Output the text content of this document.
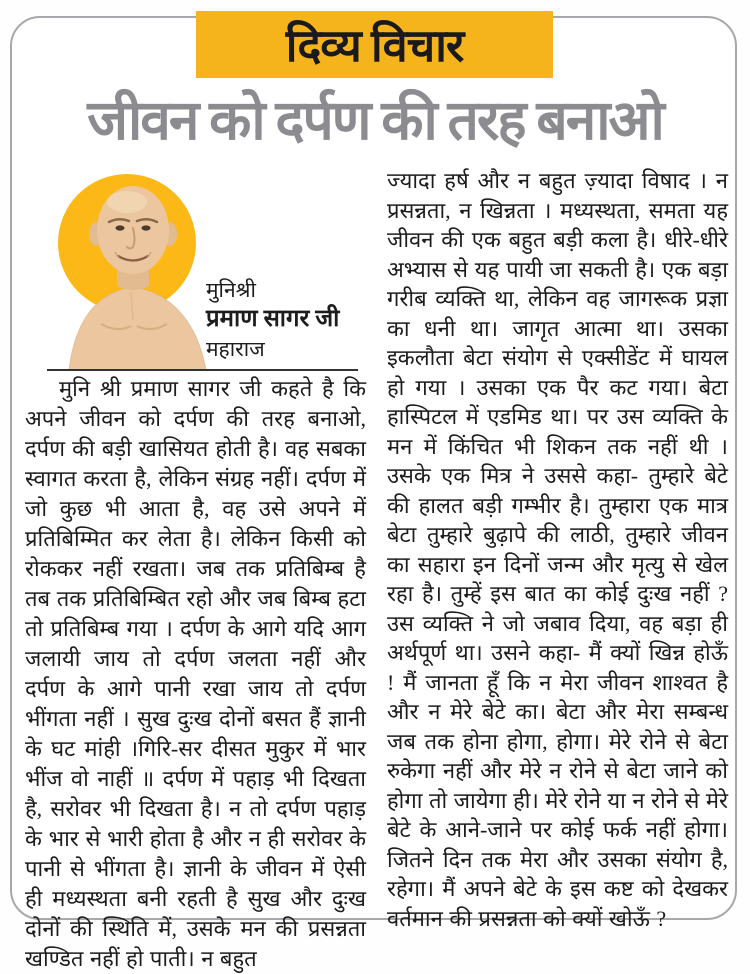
दिव्य विचार
जीवन को दर्पण की तरह बनाओ
मुनिश्री
प्रमाण सागर जी
महाराज
मुनि श्री प्रमाण सागर जी कहते है कि अपने जीवन को दर्पण की तरह बनाओ, दर्पण की बड़ी खासियत होती है। वह सबका स्वागत करता है, लेकिन संग्रह नहीं। दर्पण में जो कुछ भी आता है, वह उसे अपने में प्रतिबिम्मित कर लेता है। लेकिन किसी को रोककर नहीं रखता। जब तक प्रतिबिम्ब है तब तक प्रतिबिम्बित रहो और जब बिम्ब हटा तो प्रतिबिम्ब गया । दर्पण के आगे यदि आग जलायी जाय तो दर्पण जलता नहीं और दर्पण के आगे पानी रखा जाय तो दर्पण भींगता नहीं । सुख दुःख दोनों बसत हैं ज्ञानी के घट मांही ।गिरि-सर दीसत मुकुर में भार भींज वो नाहीं ॥ दर्पण में पहाड़ भी दिखता है, सरोवर भी दिखता है। न तो दर्पण पहाड़ के भार से भारी होता है और न ही सरोवर के पानी से भींगता है। ज्ञानी के जीवन में ऐसी ही मध्यस्थता बनी रहती है सुख और दुःख दोनों की स्थिति में, उसके मन की प्रसन्नता खण्डित नहीं हो पाती। न बहुत
ज्यादा हर्ष और न बहुत ज़्यादा विषाद । न प्रसन्नता, न खिन्नता । मध्यस्थता, समता यह जीवन की एक बहुत बड़ी कला है। धीरे-धीरे अभ्यास से यह पायी जा सकती है। एक बड़ा गरीब व्यक्ति था, लेकिन वह जागरूक प्रज्ञा का धनी था। जागृत आत्मा था। उसका इकलौता बेटा संयोग से एक्सीडेंट में घायल हो गया । उसका एक पैर कट गया। बेटा हास्पिटल में एडमिड था। पर उस व्यक्ति के मन में किंचित भी शिकन तक नहीं थी । उसके एक मित्र ने उससे कहा- तुम्हारे बेटे की हालत बड़ी गम्भीर है। तुम्हारा एक मात्र बेटा तुम्हारे बुढ़ापे की लाठी, तुम्हारे जीवन का सहारा इन दिनों जन्म और मृत्यु से खेल रहा है। तुम्हें इस बात का कोई दुःख नहीं ? उस व्यक्ति ने जो जबाव दिया, वह बड़ा ही अर्थपूर्ण था। उसने कहा- मैं क्यों खिन्न होऊँ ! मैं जानता हूँ कि न मेरा जीवन शाश्वत है और न मेरे बेटे का। बेटा और मेरा सम्बन्ध जब तक होना होगा, होगा। मेरे रोने से बेटा रुकेगा नहीं और मेरे न रोने से बेटा जाने को होगा तो जायेगा ही। मेरे रोने या न रोने से मेरे बेटे के आने-जाने पर कोई फर्क नहीं होगा। जितने दिन तक मेरा और उसका संयोग है, रहेगा। मैं अपने बेटे के इस कष्ट को देखकर वर्तमान की प्रसन्नता को क्यों खोऊँ ?
